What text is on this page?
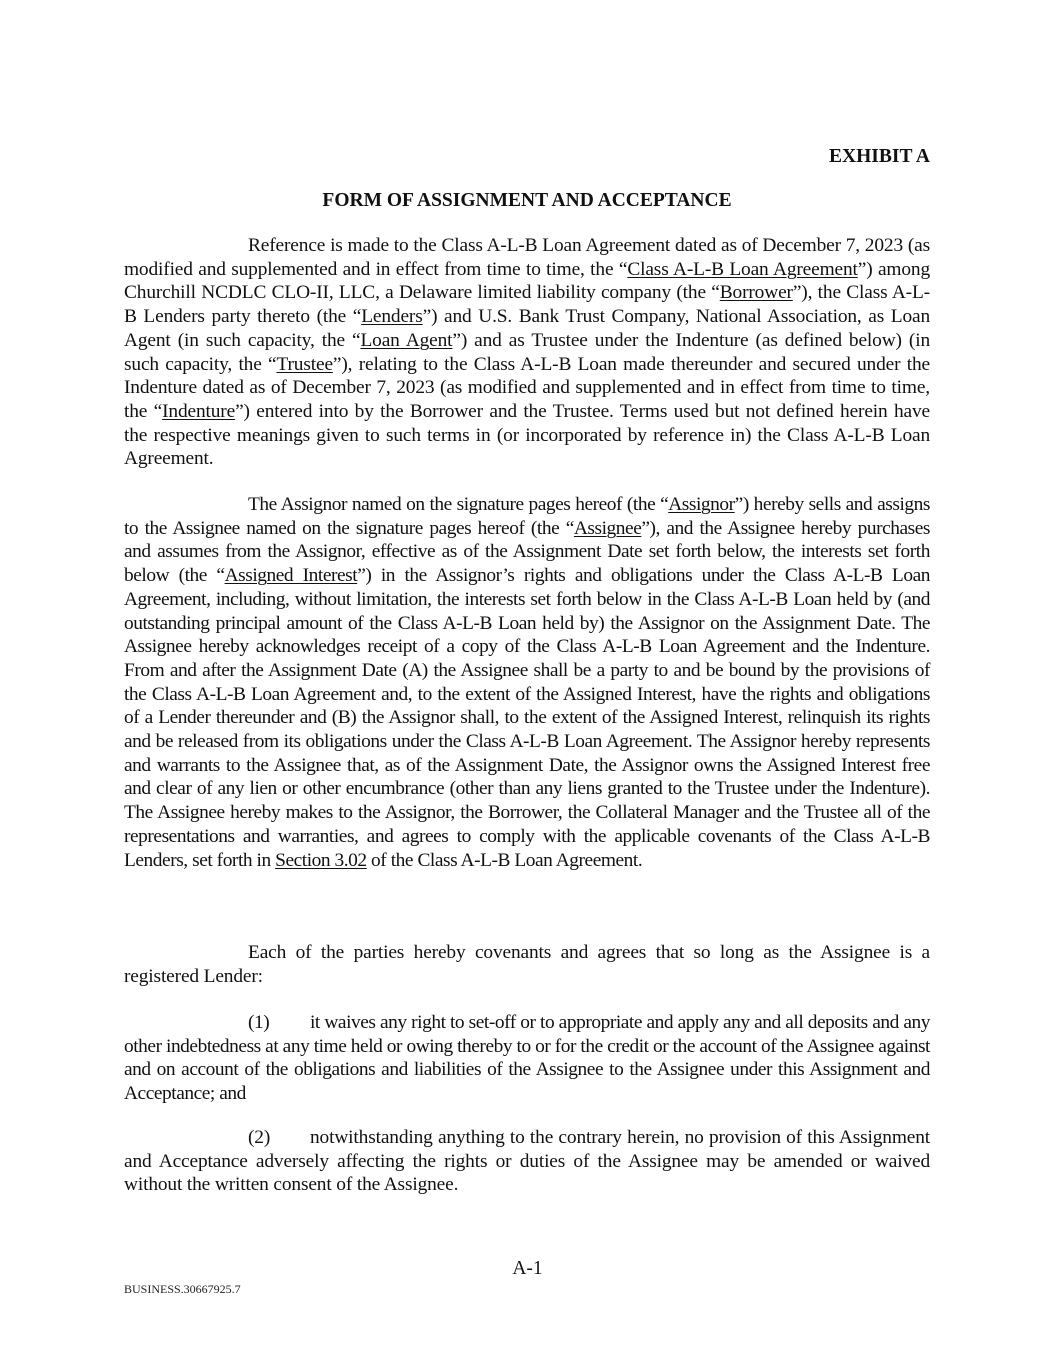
EXHIBIT A
FORM OF ASSIGNMENT AND ACCEPTANCE

Reference is made to the Class A-L-B Loan Agreement dated as of December 7, 2023 (as modified and supplemented and in effect from time to time, the “Class A-L-B Loan Agreement”) among Churchill NCDLC CLO-II, LLC, a Delaware limited liability company (the “Borrower”), the Class A-L-B Lenders party thereto (the “Lenders”) and U.S. Bank Trust Company, National Association, as Loan Agent (in such capacity, the “Loan Agent”) and as Trustee under the Indenture (as defined below) (in such capacity, the “Trustee”), relating to the Class A-L-B Loan made thereunder and secured under the Indenture dated as of December 7, 2023 (as modified and supplemented and in effect from time to time, the “Indenture”) entered into by the Borrower and the Trustee. Terms used but not defined herein have the respective meanings given to such terms in (or incorporated by reference in) the Class A-L-B Loan Agreement.

The Assignor named on the signature pages hereof (the “Assignor”) hereby sells and assigns to the Assignee named on the signature pages hereof (the “Assignee”), and the Assignee hereby purchases and assumes from the Assignor, effective as of the Assignment Date set forth below, the interests set forth below (the “Assigned Interest”) in the Assignor’s rights and obligations under the Class A-L-B Loan Agreement, including, without limitation, the interests set forth below in the Class A-L-B Loan held by (and outstanding principal amount of the Class A-L-B Loan held by) the Assignor on the Assignment Date. The Assignee hereby acknowledges receipt of a copy of the Class A-L-B Loan Agreement and the Indenture. From and after the Assignment Date (A) the Assignee shall be a party to and be bound by the provisions of the Class A-L-B Loan Agreement and, to the extent of the Assigned Interest, have the rights and obligations of a Lender thereunder and (B) the Assignor shall, to the extent of the Assigned Interest, relinquish its rights and be released from its obligations under the Class A-L-B Loan Agreement. The Assignor hereby represents and warrants to the Assignee that, as of the Assignment Date, the Assignor owns the Assigned Interest free and clear of any lien or other encumbrance (other than any liens granted to the Trustee under the Indenture). The Assignee hereby makes to the Assignor, the Borrower, the Collateral Manager and the Trustee all of the representations and warranties, and agrees to comply with the applicable covenants of the Class A-L-B Lenders, set forth in Section 3.02 of the Class A-L-B Loan Agreement.

Each of the parties hereby covenants and agrees that so long as the Assignee is a registered Lender:

(1) it waives any right to set-off or to appropriate and apply any and all deposits and any other indebtedness at any time held or owing thereby to or for the credit or the account of the Assignee against and on account of the obligations and liabilities of the Assignee to the Assignee under this Assignment and Acceptance; and

(2) notwithstanding anything to the contrary herein, no provision of this Assignment and Acceptance adversely affecting the rights or duties of the Assignee may be amended or waived without the written consent of the Assignee.

A-1
BUSINESS.30667925.7
